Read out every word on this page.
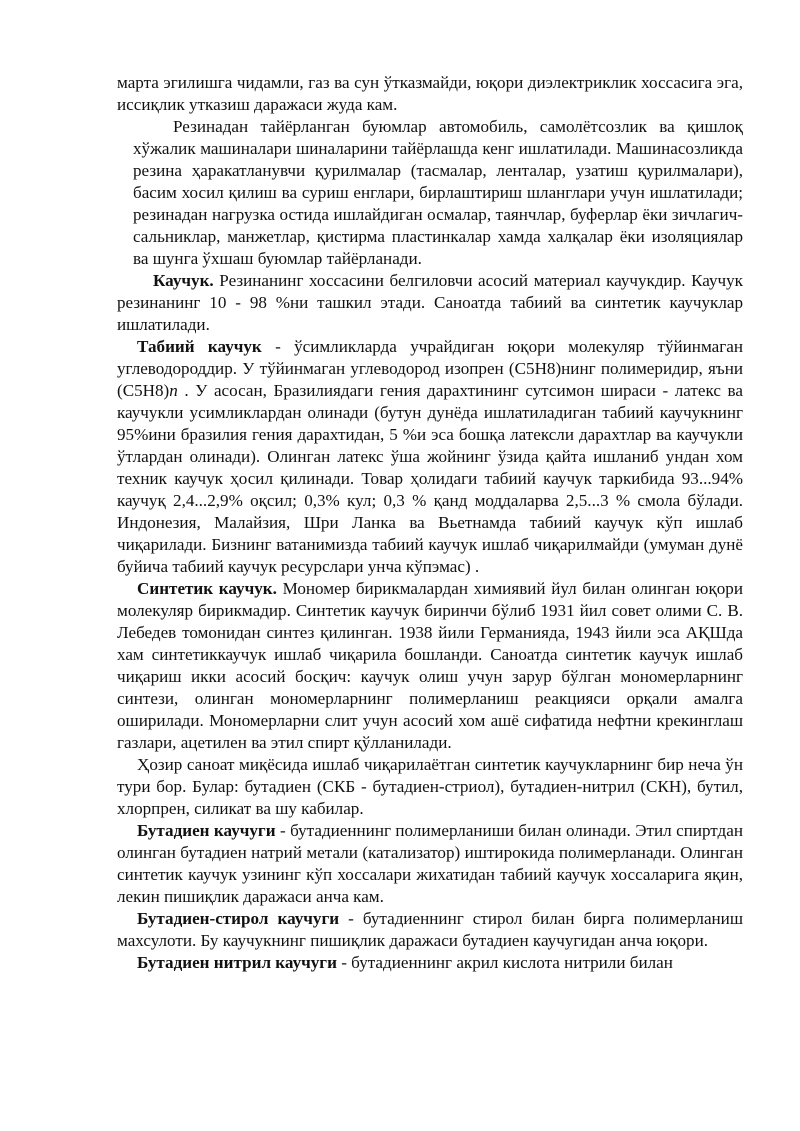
марта эгилишга чидамли, газ ва сун ўтказмайди, юқори диэлектриклик хоссасига эга, иссиқлик утказиш даражаси жуда кам.

Резинадан тайёрланган буюмлар автомобиль, самолётсозлик ва қишлоқ хўжалик машиналари шиналарини тайёрлашда кенг ишлатилади. Машинасозликда резина ҳаракатланувчи қурилмалар (тасмалар, ленталар, узатиш қурилмалари), басим хосил қилиш ва суриш енглари, бирлаштириш шланглари учун ишлатилади; резинадан нагрузка остида ишлайдиган осмалар, таянчлар, буферлар ёки зичлагич-сальниклар, манжетлар, қистирма пластинкалар хамда халқалар ёки изоляциялар ва шунга ўхшаш буюмлар тайёрланади.

Каучук. Резинанинг хоссасини белгиловчи асосий материал каучукдир. Каучук резинанинг 10 - 98 %ни ташкил этади. Саноатда табиий ва синтетик каучуклар ишлатилади.

Табиий каучук - ўсимликларда учрайдиган юқори молекуляр тўйинмаган углеводороддир. У тўйинмаган углеводород изопрен (С5Н8)нинг полимеридир, яъни (С5Н8)n . У асосан, Бразилиядаги гения дарахтининг сутсимон шираси - латекс ва каучукли усимликлардан олинади (бутун дунёда ишлатиладиган табиий каучукнинг 95%ини бразилия гения дарахтидан, 5 %и эса бошқа латексли дарахтлар ва каучукли ўтлардан олинади). Олинган латекс ўша жойнинг ўзида қайта ишланиб ундан хом техник каучук ҳосил қилинади. Товар ҳолидаги табиий каучук таркибида 93...94% каучуқ 2,4...2,9% оқсил; 0,3% кул; 0,3 % қанд моддаларва 2,5...3 % смола бўлади. Индонезия, Малайзия, Шри Ланка ва Вьетнамда табиий каучук кўп ишлаб чиқарилади. Бизнинг ватанимизда табиий каучук ишлаб чиқарилмайди (умуман дунё буйича табиий каучук ресурслари унча кўпэмас) .

Синтетик каучук. Мономер бирикмалардан химиявий йул билан олинган юқори молекуляр бирикмадир. Синтетик каучук биринчи бўлиб 1931 йил совет олими С. В. Лебедев томонидан синтез қилинган. 1938 йили Германияда, 1943 йили эса АҚШда хам синтетиккаучук ишлаб чиқарила бошланди. Саноатда синтетик каучук ишлаб чиқариш икки асосий босқич: каучук олиш учун зарур бўлган мономерларнинг синтези, олинган мономерларнинг полимерланиш реакцияси орқали амалга оширилади. Мономерларни слит учун асосий хом ашё сифатида нефтни крекинглаш газлари, ацетилен ва этил спирт қўлланилади.

Ҳозир саноат миқёсида ишлаб чиқарилаётган синтетик каучукларнинг бир неча ўн тури бор. Булар: бутадиен (СКБ - бутадиен-стриол), бутадиен-нитрил (СКН), бутил, хлорпрен, силикат ва шу кабилар.

Бутадиен каучуги - бутадиеннинг полимерланиши билан олинади. Этил спиртдан олинган бутадиен натрий метали (катализатор) иштирокида полимерланади. Олинган синтетик каучук узининг кўп хоссалари жихатидан табиий каучук хоссаларига яқин, лекин пишиқлик даражаси анча кам.

Бутадиен-стирол каучуги - бутадиеннинг стирол билан бирга полимерланиш махсулоти. Бу каучукнинг пишиқлик даражаси бутадиен каучугидан анча юқори.

Бутадиен нитрил каучуги - бутадиеннинг акрил кислота нитрили билан
